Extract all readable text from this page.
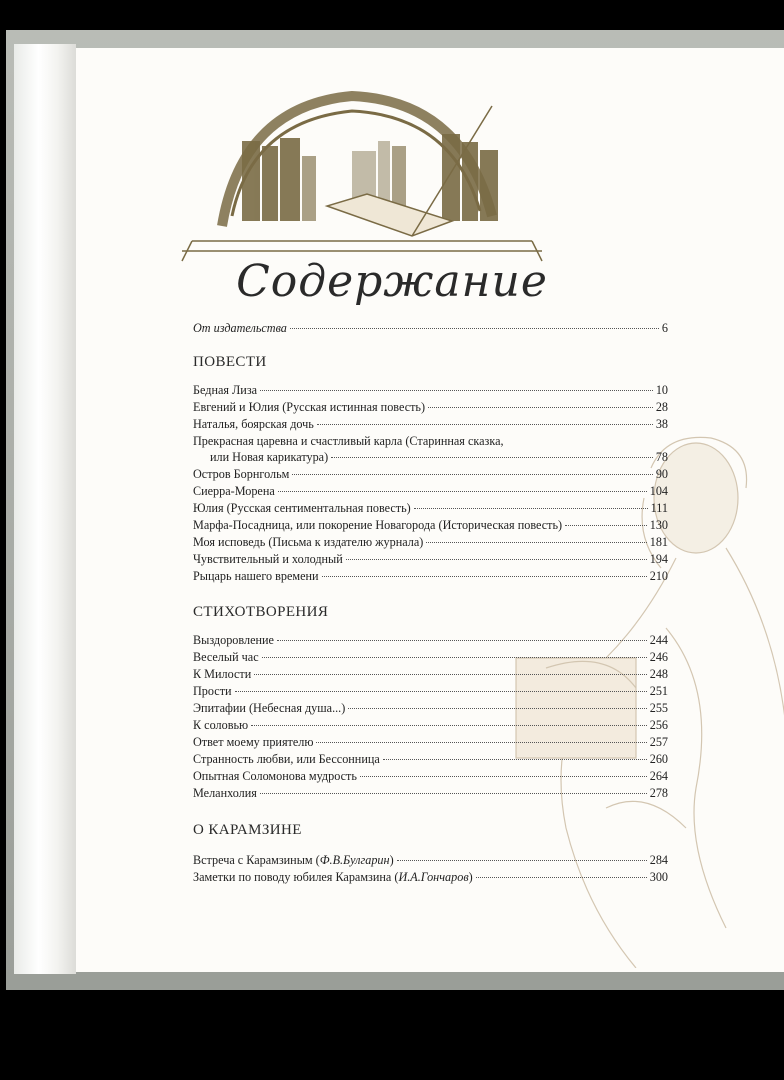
Содержание
От издательства	6
ПОВЕСТИ
Бедная Лиза	10
Евгений и Юлия (Русская истинная повесть)	28
Наталья, боярская дочь	38
Прекрасная царевна и счастливый карла (Старинная сказка,
или Новая карикатура)	78
Остров Борнгольм	90
Сиерра-Морена	104
Юлия (Русская сентиментальная повесть)	111
Марфа-Посадница, или покорение Новагорода (Историческая повесть)	130
Моя исповедь (Письма к издателю журнала)	181
Чувствительный и холодный	194
Рыцарь нашего времени	210
СТИХОТВОРЕНИЯ
Выздоровление	244
Веселый час	246
К Милости	248
Прости	251
Эпитафии (Небесная душа...)	255
К соловью	256
Ответ моему приятелю	257
Странность любви, или Бессонница	260
Опытная Соломонова мудрость	264
Меланхолия	278
О КАРАМЗИНЕ
Встреча с Карамзиным (Ф.В.Булгарин)	284
Заметки по поводу юбилея Карамзина (И.А.Гончаров)	300
